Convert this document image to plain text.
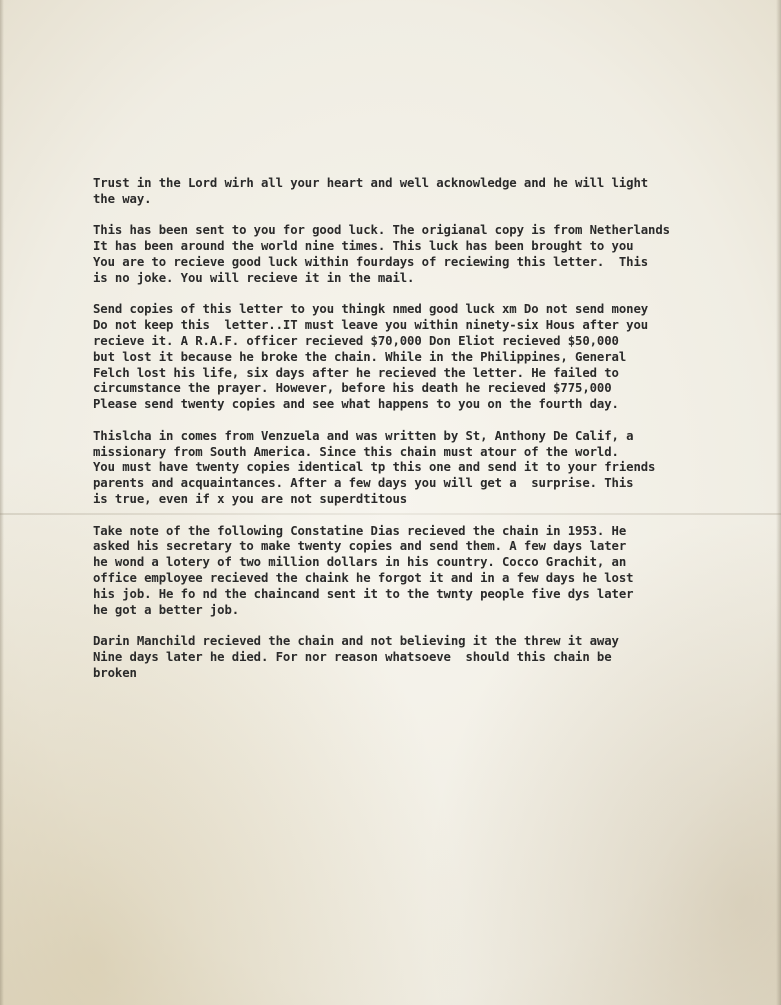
Trust in the Lord wirh all your heart and well acknowledge and he will light
the way.
This has been sent to you for good luck. The origianal copy is from Netherlands
It has been around the world nine times. This luck has been brought to you
You are to recieve good luck within fourdays of reciewing this letter.  This
is no joke. You will recieve it in the mail.
Send copies of this letter to you thingk nmed good luck xm Do not send money
Do not keep this  letter..IT must leave you within ninety-six Hous after you
recieve it. A R.A.F. officer recieved $70,000 Don Eliot recieved $50,000
but lost it because he broke the chain. While in the Philippines, General
Felch lost his life, six days after he recieved the letter. He failed to
circumstance the prayer. However, before his death he recieved $775,000
Please send twenty copies and see what happens to you on the fourth day.
Thislcha in comes from Venzuela and was written by St, Anthony De Calif, a
missionary from South America. Since this chain must atour of the world.
You must have twenty copies identical tp this one and send it to your friends
parents and acquaintances. After a few days you will get a  surprise. This
is true, even if x you are not superdtitous
Take note of the following Constatine Dias recieved the chain in 1953. He
asked his secretary to make twenty copies and send them. A few days later
he wond a lotery of two million dollars in his country. Cocco Grachit, an
office employee recieved the chaink he forgot it and in a few days he lost
his job. He fo nd the chaincand sent it to the twnty people five dys later
he got a better job.
Darin Manchild recieved the chain and not believing it the threw it away
Nine days later he died. For nor reason whatsoeve  should this chain be
broken
